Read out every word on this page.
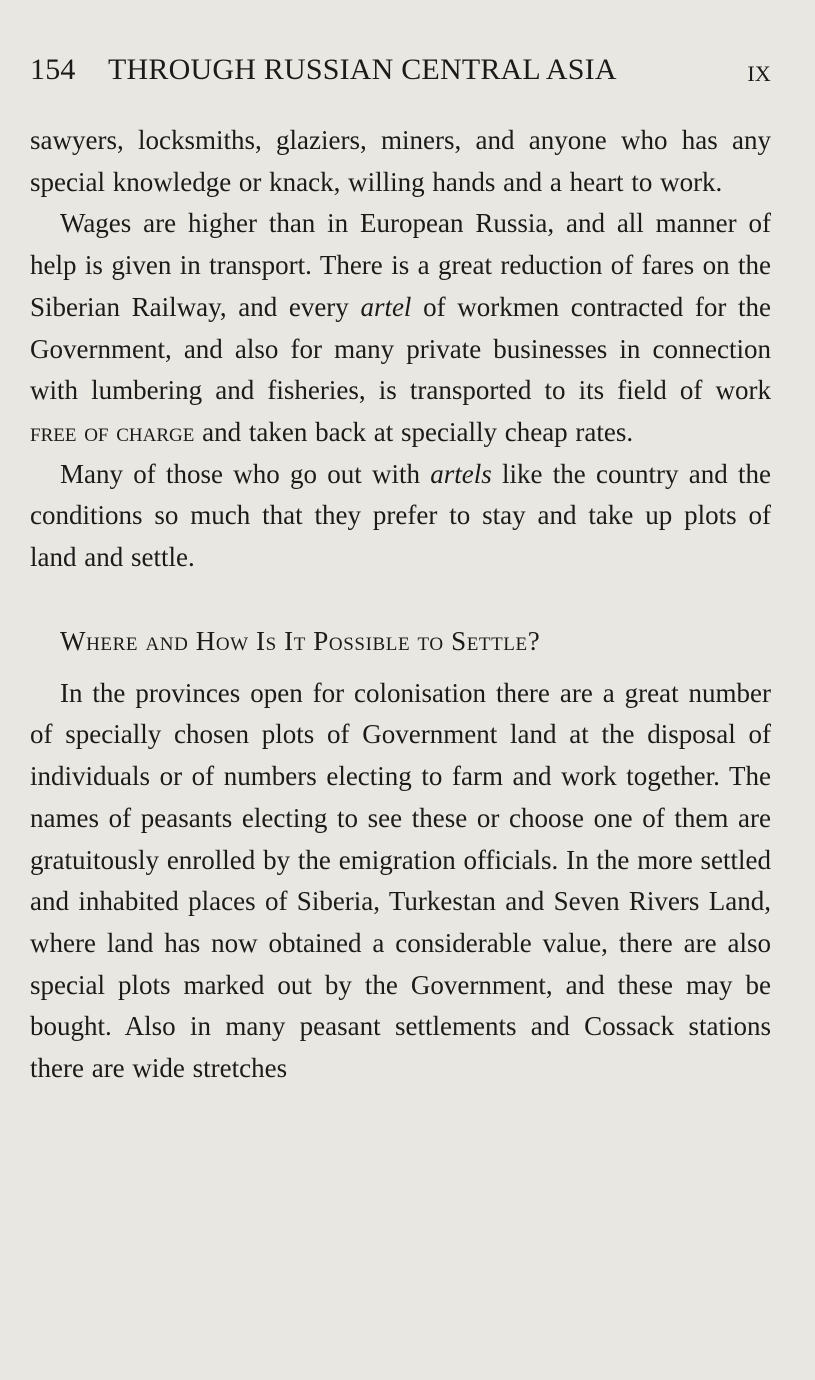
154 THROUGH RUSSIAN CENTRAL ASIA	IX

sawyers, locksmiths, glaziers, miners, and anyone who has any special knowledge or knack, willing hands and a heart to work.

Wages are higher than in European Russia, and all manner of help is given in transport. There is a great reduction of fares on the Siberian Railway, and every artel of workmen contracted for the Government, and also for many private businesses in connection with lumbering and fisheries, is transported to its field of work free of charge and taken back at specially cheap rates.

Many of those who go out with artels like the country and the conditions so much that they prefer to stay and take up plots of land and settle.

Where and How Is It Possible to Settle?

In the provinces open for colonisation there are a great number of specially chosen plots of Government land at the disposal of individuals or of numbers electing to farm and work together. The names of peasants electing to see these or choose one of them are gratuitously enrolled by the emigration officials. In the more settled and inhabited places of Siberia, Turkestan and Seven Rivers Land, where land has now obtained a considerable value, there are also special plots marked out by the Government, and these may be bought. Also in many peasant settlements and Cossack stations there are wide stretches
